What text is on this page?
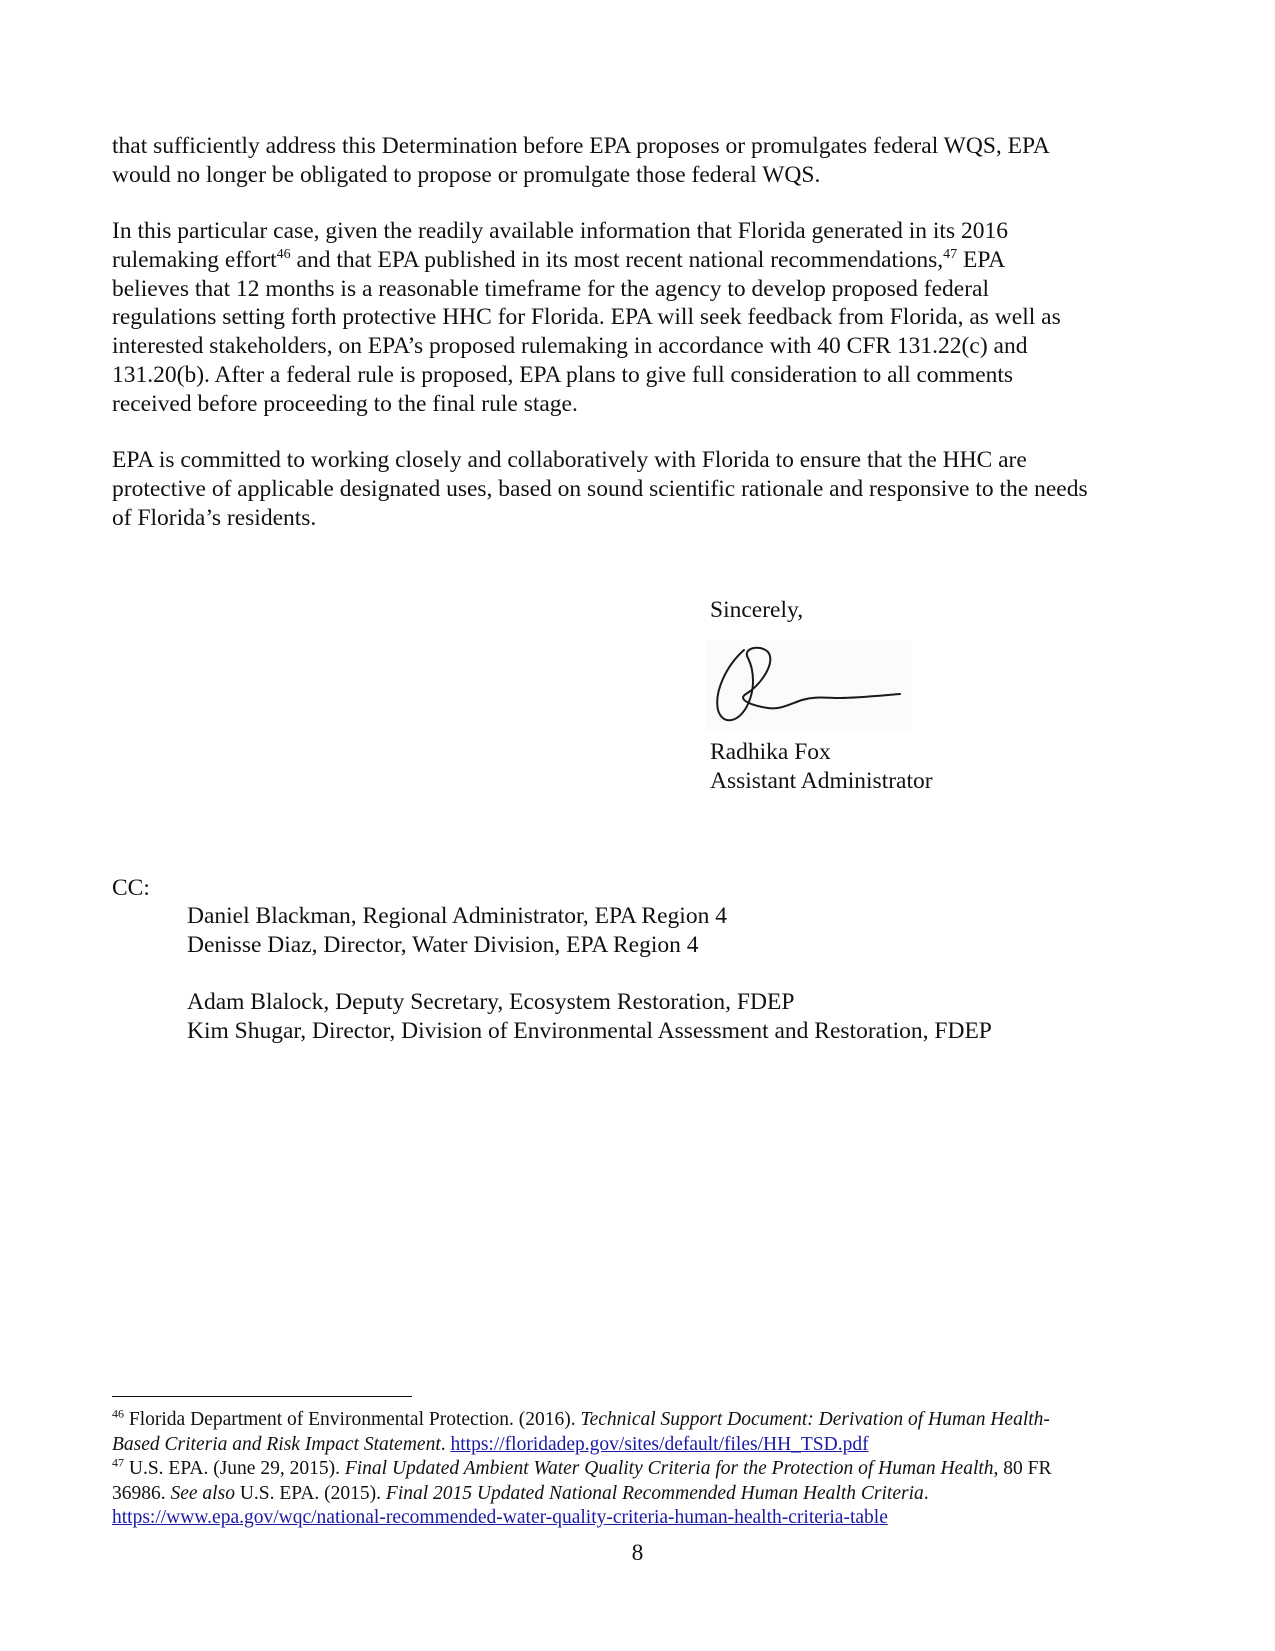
that sufficiently address this Determination before EPA proposes or promulgates federal WQS, EPA
would no longer be obligated to propose or promulgate those federal WQS.
In this particular case, given the readily available information that Florida generated in its 2016
rulemaking effort$^{46}$ and that EPA published in its most recent national recommendations,$^{47}$ EPA
believes that 12 months is a reasonable timeframe for the agency to develop proposed federal
regulations setting forth protective HHC for Florida. EPA will seek feedback from Florida, as well as
interested stakeholders, on EPA’s proposed rulemaking in accordance with 40 CFR 131.22(c) and
131.20(b). After a federal rule is proposed, EPA plans to give full consideration to all comments
received before proceeding to the final rule stage.
EPA is committed to working closely and collaboratively with Florida to ensure that the HHC are
protective of applicable designated uses, based on sound scientific rationale and responsive to the needs
of Florida’s residents.
Sincerely,
Radhika Fox
Assistant Administrator
CC:
Daniel Blackman, Regional Administrator, EPA Region 4
Denisse Diaz, Director, Water Division, EPA Region 4
Adam Blalock, Deputy Secretary, Ecosystem Restoration, FDEP
Kim Shugar, Director, Division of Environmental Assessment and Restoration, FDEP
$^{46}$ Florida Department of Environmental Protection. (2016). Technical Support Document: Derivation of Human Health-
Based Criteria and Risk Impact Statement. https://floridadep.gov/sites/default/files/HH_TSD.pdf
$^{47}$ U.S. EPA. (June 29, 2015). Final Updated Ambient Water Quality Criteria for the Protection of Human Health, 80 FR
36986. See also U.S. EPA. (2015). Final 2015 Updated National Recommended Human Health Criteria.
https://www.epa.gov/wqc/national-recommended-water-quality-criteria-human-health-criteria-table
8
